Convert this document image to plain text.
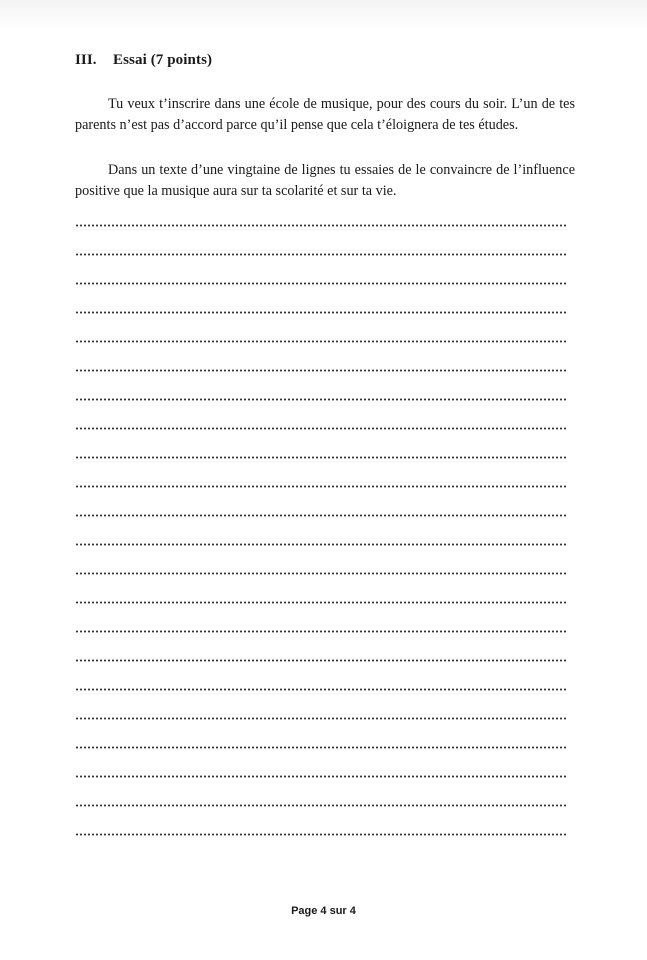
III. Essai (7 points)

Tu veux t’inscrire dans une école de musique, pour des cours du soir. L’un de tes parents n’est pas d’accord parce qu’il pense que cela t’éloignera de tes études.

Dans un texte d’une vingtaine de lignes tu essaies de le convaincre de l’influence positive que la musique aura sur ta scolarité et sur ta vie.

Page 4 sur 4
